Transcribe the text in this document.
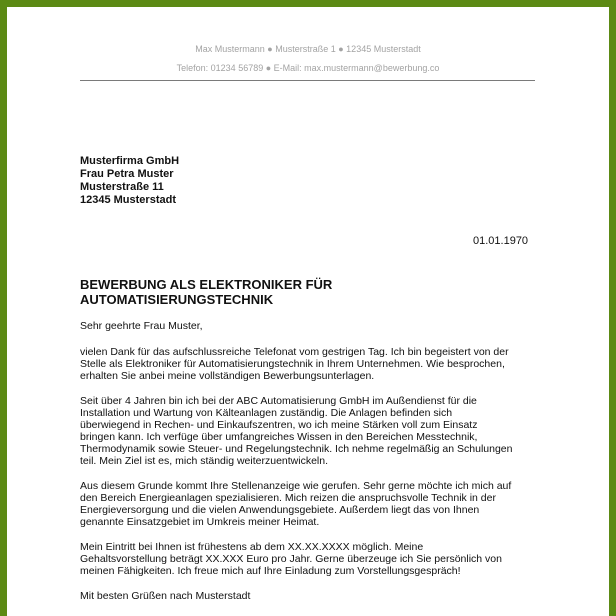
Max Mustermann ● Musterstraße 1 ● 12345 Musterstadt
Telefon: 01234 56789 ● E-Mail: max.mustermann@bewerbung.co
Musterfirma GmbH
Frau Petra Muster
Musterstraße 11
12345 Musterstadt
01.01.1970
BEWERBUNG ALS ELEKTRONIKER FÜR
AUTOMATISIERUNGSTECHNIK

Sehr geehrte Frau Muster,

vielen Dank für das aufschlussreiche Telefonat vom gestrigen Tag. Ich bin begeistert von der
Stelle als Elektroniker für Automatisierungstechnik in Ihrem Unternehmen. Wie besprochen,
erhalten Sie anbei meine vollständigen Bewerbungsunterlagen.

Seit über 4 Jahren bin ich bei der ABC Automatisierung GmbH im Außendienst für die
Installation und Wartung von Kälteanlagen zuständig. Die Anlagen befinden sich
überwiegend in Rechen- und Einkaufszentren, wo ich meine Stärken voll zum Einsatz
bringen kann. Ich verfüge über umfangreiches Wissen in den Bereichen Messtechnik,
Thermodynamik sowie Steuer- und Regelungstechnik. Ich nehme regelmäßig an Schulungen
teil. Mein Ziel ist es, mich ständig weiterzuentwickeln.

Aus diesem Grunde kommt Ihre Stellenanzeige wie gerufen. Sehr gerne möchte ich mich auf
den Bereich Energieanlagen spezialisieren. Mich reizen die anspruchsvolle Technik in der
Energieversorgung und die vielen Anwendungsgebiete. Außerdem liegt das von Ihnen
genannte Einsatzgebiet im Umkreis meiner Heimat.

Mein Eintritt bei Ihnen ist frühestens ab dem XX.XX.XXXX möglich. Meine
Gehaltsvorstellung beträgt XX.XXX Euro pro Jahr. Gerne überzeuge ich Sie persönlich von
meinen Fähigkeiten. Ich freue mich auf Ihre Einladung zum Vorstellungsgespräch!

Mit besten Grüßen nach Musterstadt
